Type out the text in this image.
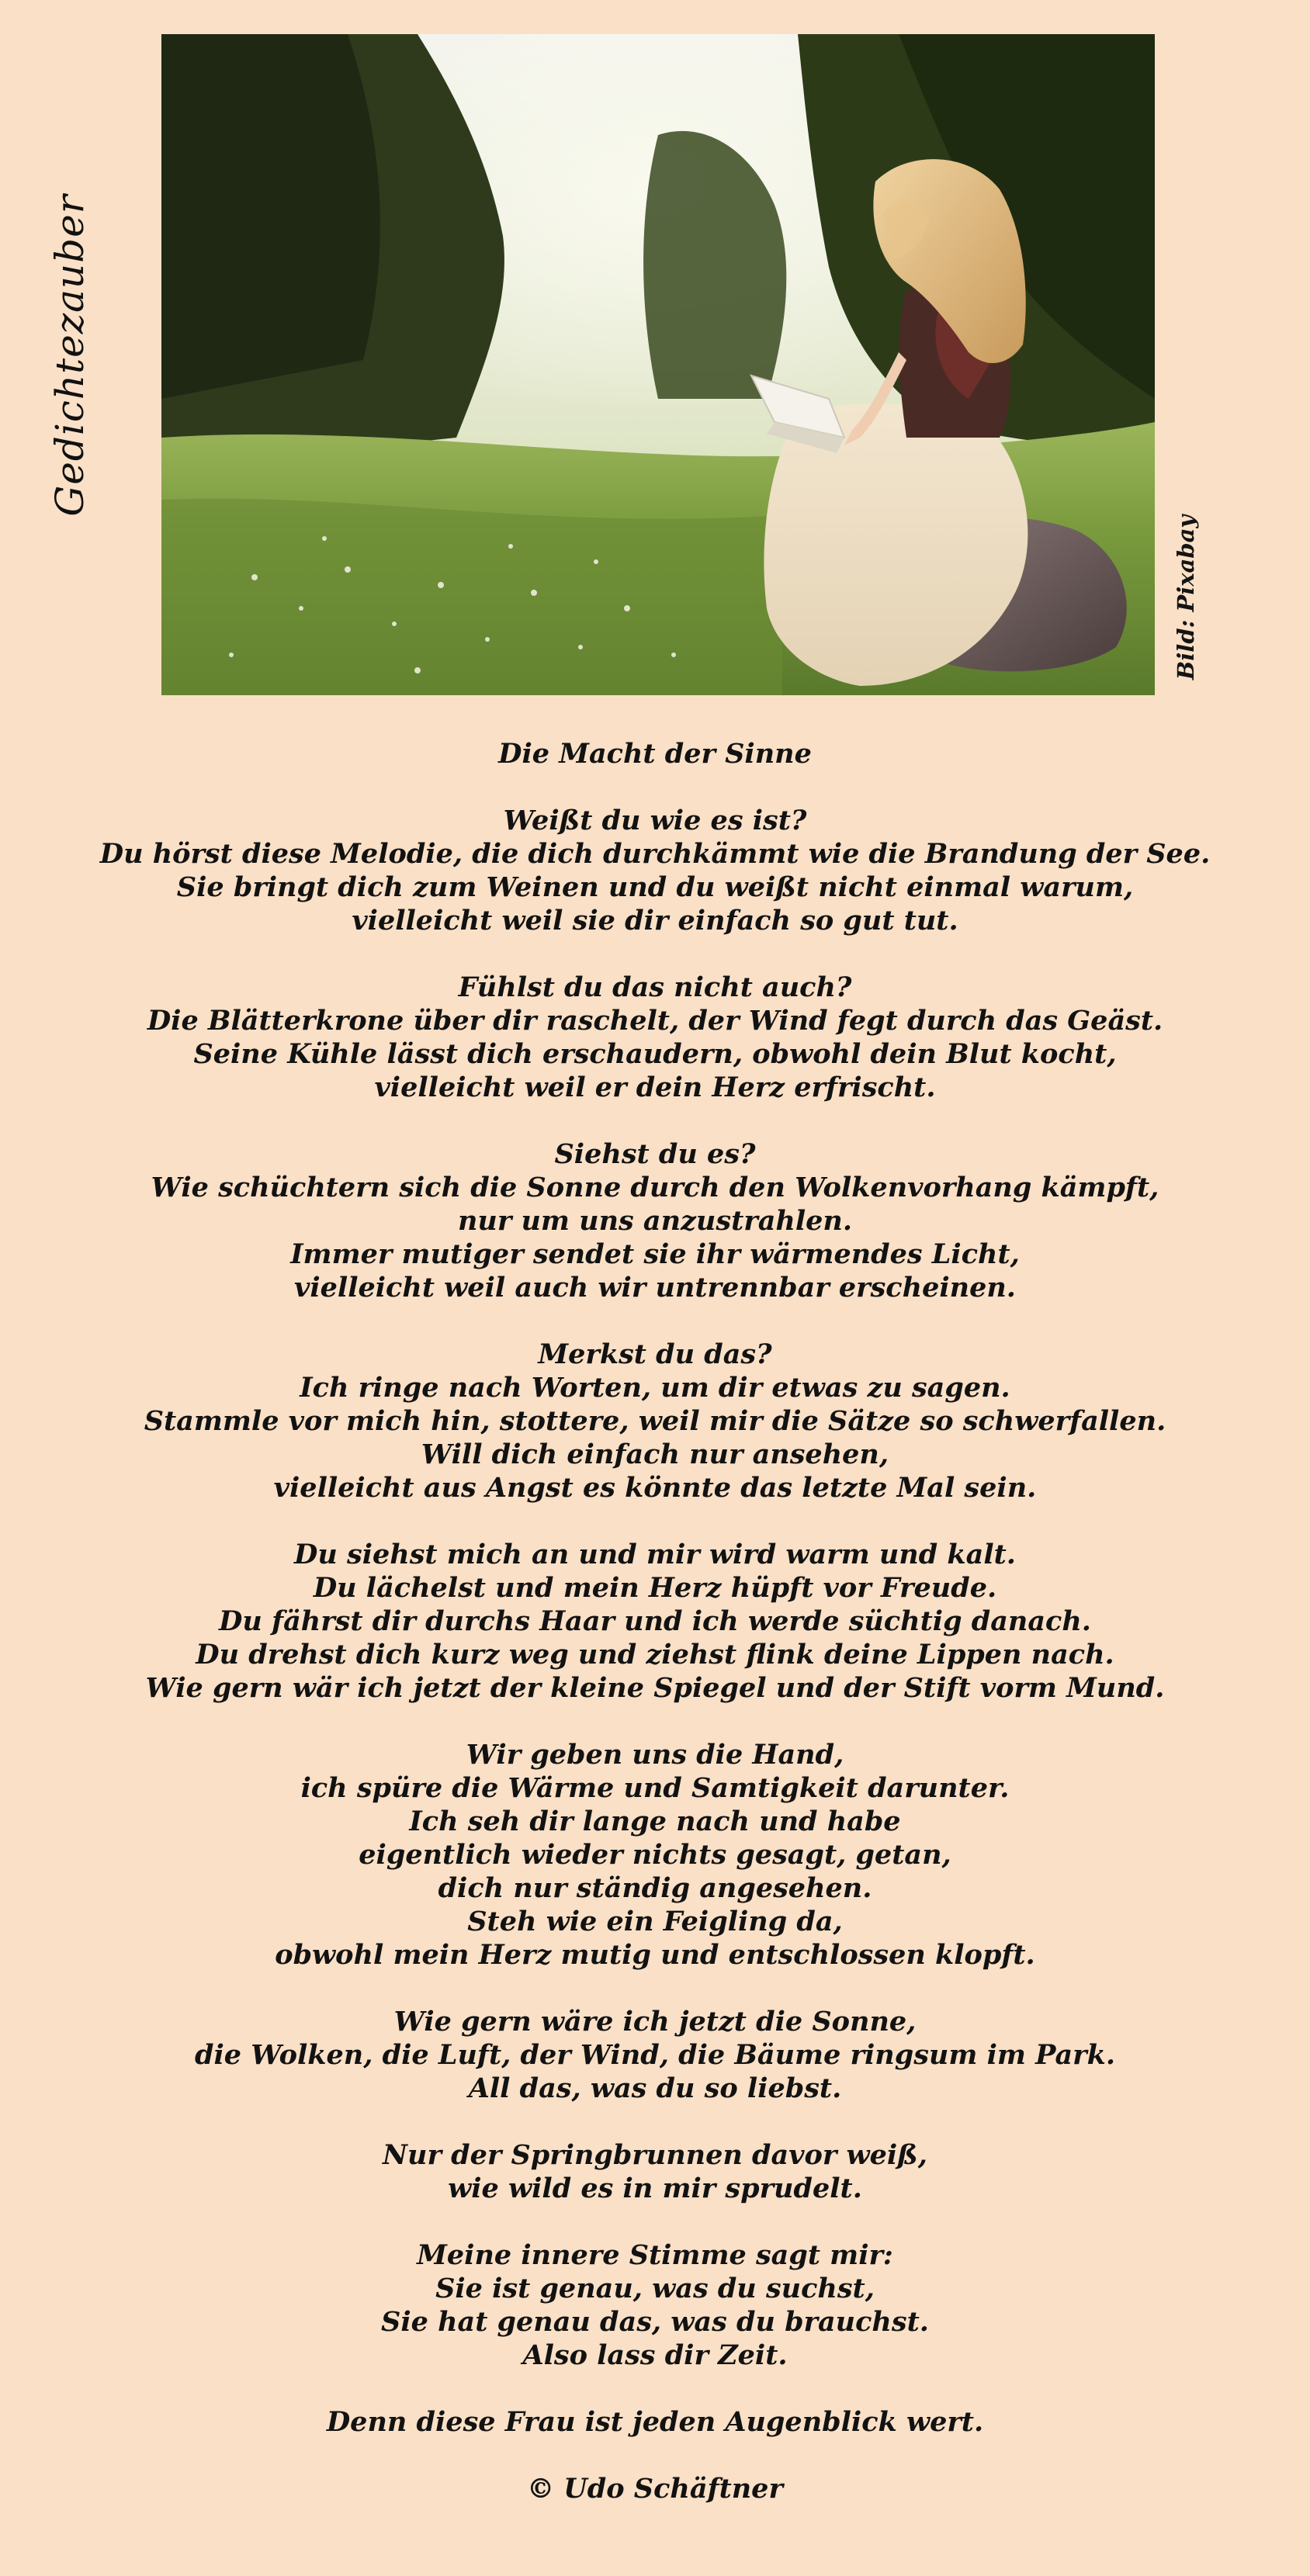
Gedichtezauber
Bild: Pixabay
Die Macht der Sinne
Weißt du wie es ist?
Du hörst diese Melodie, die dich durchkämmt wie die Brandung der See.
Sie bringt dich zum Weinen und du weißt nicht einmal warum,
vielleicht weil sie dir einfach so gut tut.
Fühlst du das nicht auch?
Die Blätterkrone über dir raschelt, der Wind fegt durch das Geäst.
Seine Kühle lässt dich erschaudern, obwohl dein Blut kocht,
vielleicht weil er dein Herz erfrischt.
Siehst du es?
Wie schüchtern sich die Sonne durch den Wolkenvorhang kämpft,
nur um uns anzustrahlen.
Immer mutiger sendet sie ihr wärmendes Licht,
vielleicht weil auch wir untrennbar erscheinen.
Merkst du das?
Ich ringe nach Worten, um dir etwas zu sagen.
Stammle vor mich hin, stottere, weil mir die Sätze so schwerfallen.
Will dich einfach nur ansehen,
vielleicht aus Angst es könnte das letzte Mal sein.
Du siehst mich an und mir wird warm und kalt.
Du lächelst und mein Herz hüpft vor Freude.
Du fährst dir durchs Haar und ich werde süchtig danach.
Du drehst dich kurz weg und ziehst flink deine Lippen nach.
Wie gern wär ich jetzt der kleine Spiegel und der Stift vorm Mund.
Wir geben uns die Hand,
ich spüre die Wärme und Samtigkeit darunter.
Ich seh dir lange nach und habe
eigentlich wieder nichts gesagt, getan,
dich nur ständig angesehen.
Steh wie ein Feigling da,
obwohl mein Herz mutig und entschlossen klopft.
Wie gern wäre ich jetzt die Sonne,
die Wolken, die Luft, der Wind, die Bäume ringsum im Park.
All das, was du so liebst.
Nur der Springbrunnen davor weiß,
wie wild es in mir sprudelt.
Meine innere Stimme sagt mir:
Sie ist genau, was du suchst,
Sie hat genau das, was du brauchst.
Also lass dir Zeit.
Denn diese Frau ist jeden Augenblick wert.
© Udo Schäftner
